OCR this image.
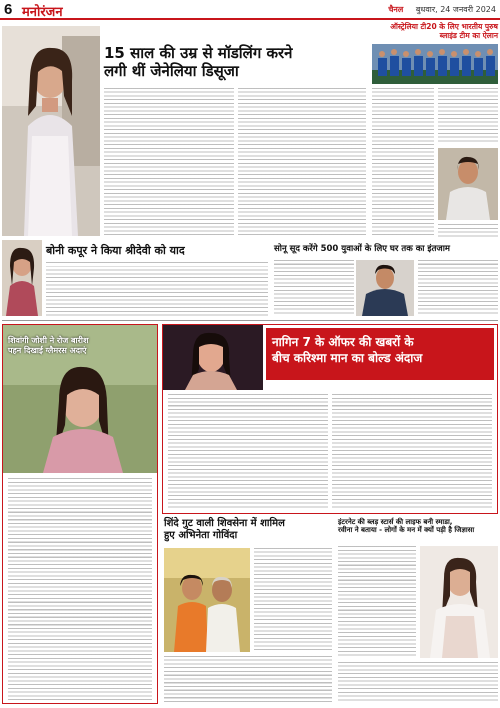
6 मनोरंजन	चैनल बुधवार, 24 जनवरी 2024
15 साल की उम्र से मॉडलिंग करने
लगी थीं जेनेलिया डिसूजा
ऑस्ट्रेलिया टी20 के लिए भारतीय पुरुष
ब्लाइंड टीम का ऐलान
बोनी कपूर ने किया श्रीदेवी को याद	सोनू सूद करेंगे 500 युवाओं के लिए घर तक का इंतजाम
शिवांगी जोशी ने रोज बारीश
पहन दिखाई ग्लैमरस अदाएं
नागिन 7 के ऑफर की खबरों के
बीच करिश्मा मान का बोल्ड अंदाज
शिंदे गुट वाली शिवसेना में शामिल
हुए अभिनेता गोविंदा
इंटरनेट की ब्लड़ स्टार्स की लाइफ बनी स्माडा,
रवीना ने बताया - लोगों के मन में क्यों पड़ी है जिज्ञासा
